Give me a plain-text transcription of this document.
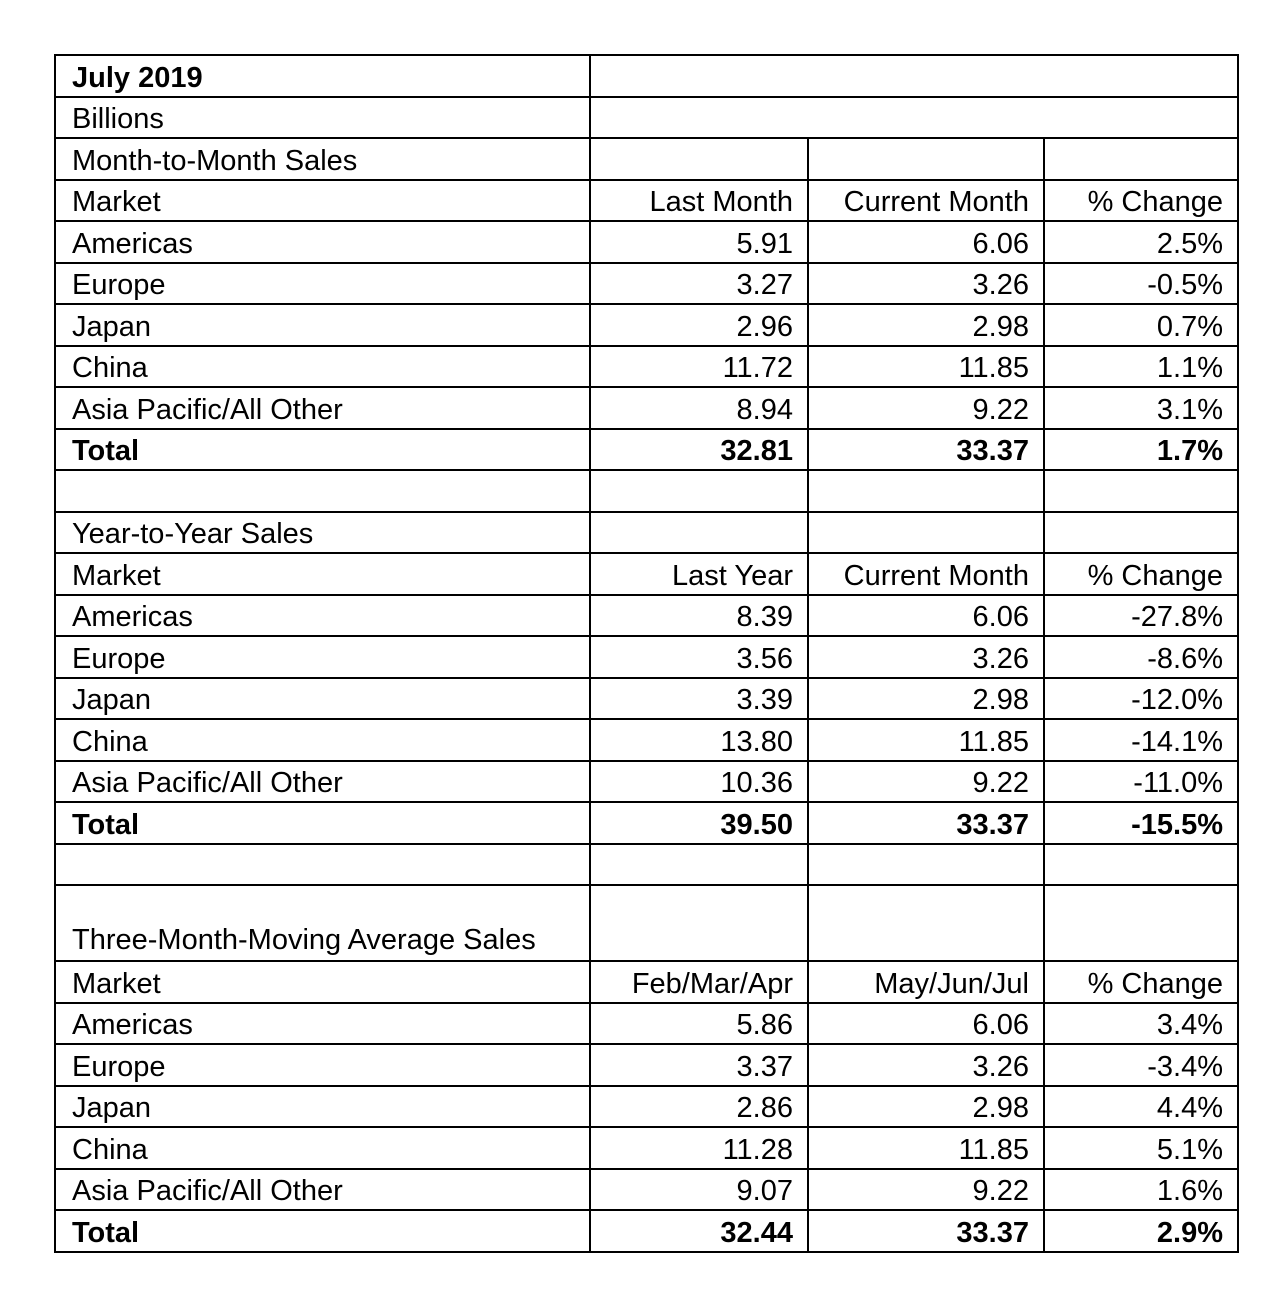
July 2019			
Billions			
Month-to-Month Sales			
Market	Last Month	Current Month	% Change
Americas	5.91	6.06	2.5%
Europe	3.27	3.26	-0.5%
Japan	2.96	2.98	0.7%
China	11.72	11.85	1.1%
Asia Pacific/All Other	8.94	9.22	3.1%
Total	32.81	33.37	1.7%

Year-to-Year Sales			
Market	Last Year	Current Month	% Change
Americas	8.39	6.06	-27.8%
Europe	3.56	3.26	-8.6%
Japan	3.39	2.98	-12.0%
China	13.80	11.85	-14.1%
Asia Pacific/All Other	10.36	9.22	-11.0%
Total	39.50	33.37	-15.5%

Three-Month-Moving Average Sales			
Market	Feb/Mar/Apr	May/Jun/Jul	% Change
Americas	5.86	6.06	3.4%
Europe	3.37	3.26	-3.4%
Japan	2.86	2.98	4.4%
China	11.28	11.85	5.1%
Asia Pacific/All Other	9.07	9.22	1.6%
Total	32.44	33.37	2.9%
